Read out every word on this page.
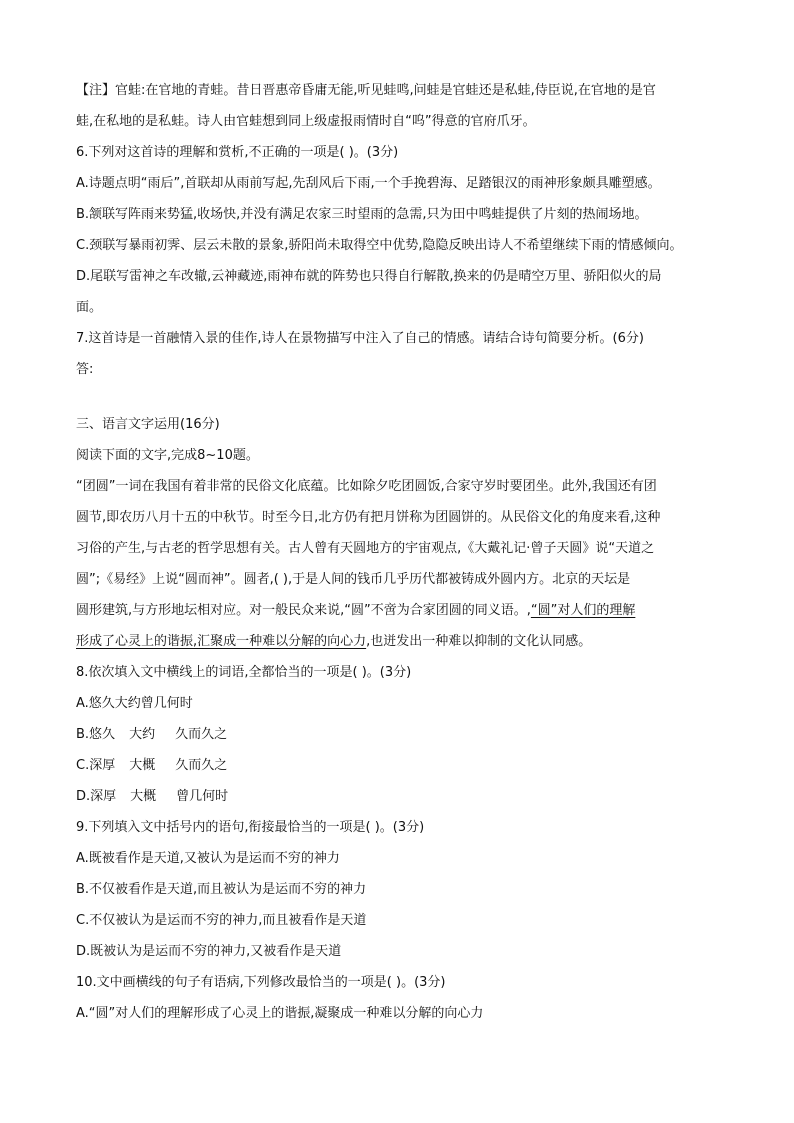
【注】官蛙:在官地的青蛙。昔日晋惠帝昏庸无能,听见蛙鸣,问蛙是官蛙还是私蛙,侍臣说,在官地的是官
蛙,在私地的是私蛙。诗人由官蛙想到同上级虚报雨情时自“呜”得意的官府爪牙。
6.下列对这首诗的理解和赏析,不正确的一项是( )。(3分)
A.诗题点明“雨后”,首联却从雨前写起,先刮风后下雨,一个手挽碧海、足踏银汉的雨神形象颇具雕塑感。
B.颔联写阵雨来势猛,收场快,并没有满足农家三时望雨的急需,只为田中鸣蛙提供了片刻的热闹场地。
C.颈联写暴雨初霁、层云未散的景象,骄阳尚未取得空中优势,隐隐反映出诗人不希望继续下雨的情感倾向。
D.尾联写雷神之车改辙,云神藏迹,雨神布就的阵势也只得自行解散,换来的仍是晴空万里、骄阳似火的局
面。
7.这首诗是一首融情入景的佳作,诗人在景物描写中注入了自己的情感。请结合诗句简要分析。(6分)
答:
三、语言文字运用(16分)
阅读下面的文字,完成8~10题。
“团圆”一词在我国有着非常的民俗文化底蕴。比如除夕吃团圆饭,合家守岁时要团坐。此外,我国还有团
圆节,即农历八月十五的中秋节。时至今日,北方仍有把月饼称为团圆饼的。从民俗文化的角度来看,这种
习俗的产生,与古老的哲学思想有关。古人曾有天圆地方的宇宙观点,《大戴礼记·曾子天圆》说“天道之
圆”;《易经》上说“圆而神”。圆者,( ),于是人间的钱币几乎历代都被铸成外圆内方。北京的天坛是
圆形建筑,与方形地坛相对应。对一般民众来说,“圆”不啻为合家团圆的同义语。,“圆”对人们的理解
形成了心灵上的谐振,汇聚成一种难以分解的向心力,也迸发出一种难以抑制的文化认同感。
8.依次填入文中横线上的词语,全都恰当的一项是( )。(3分)
A.悠久大约曾几何时
B.悠久 大约 久而久之
C.深厚 大概 久而久之
D.深厚 大概 曾几何时
9.下列填入文中括号内的语句,衔接最恰当的一项是( )。(3分)
A.既被看作是天道,又被认为是运而不穷的神力
B.不仅被看作是天道,而且被认为是运而不穷的神力
C.不仅被认为是运而不穷的神力,而且被看作是天道
D.既被认为是运而不穷的神力,又被看作是天道
10.文中画横线的句子有语病,下列修改最恰当的一项是( )。(3分)
A.“圆”对人们的理解形成了心灵上的谐振,凝聚成一种难以分解的向心力
